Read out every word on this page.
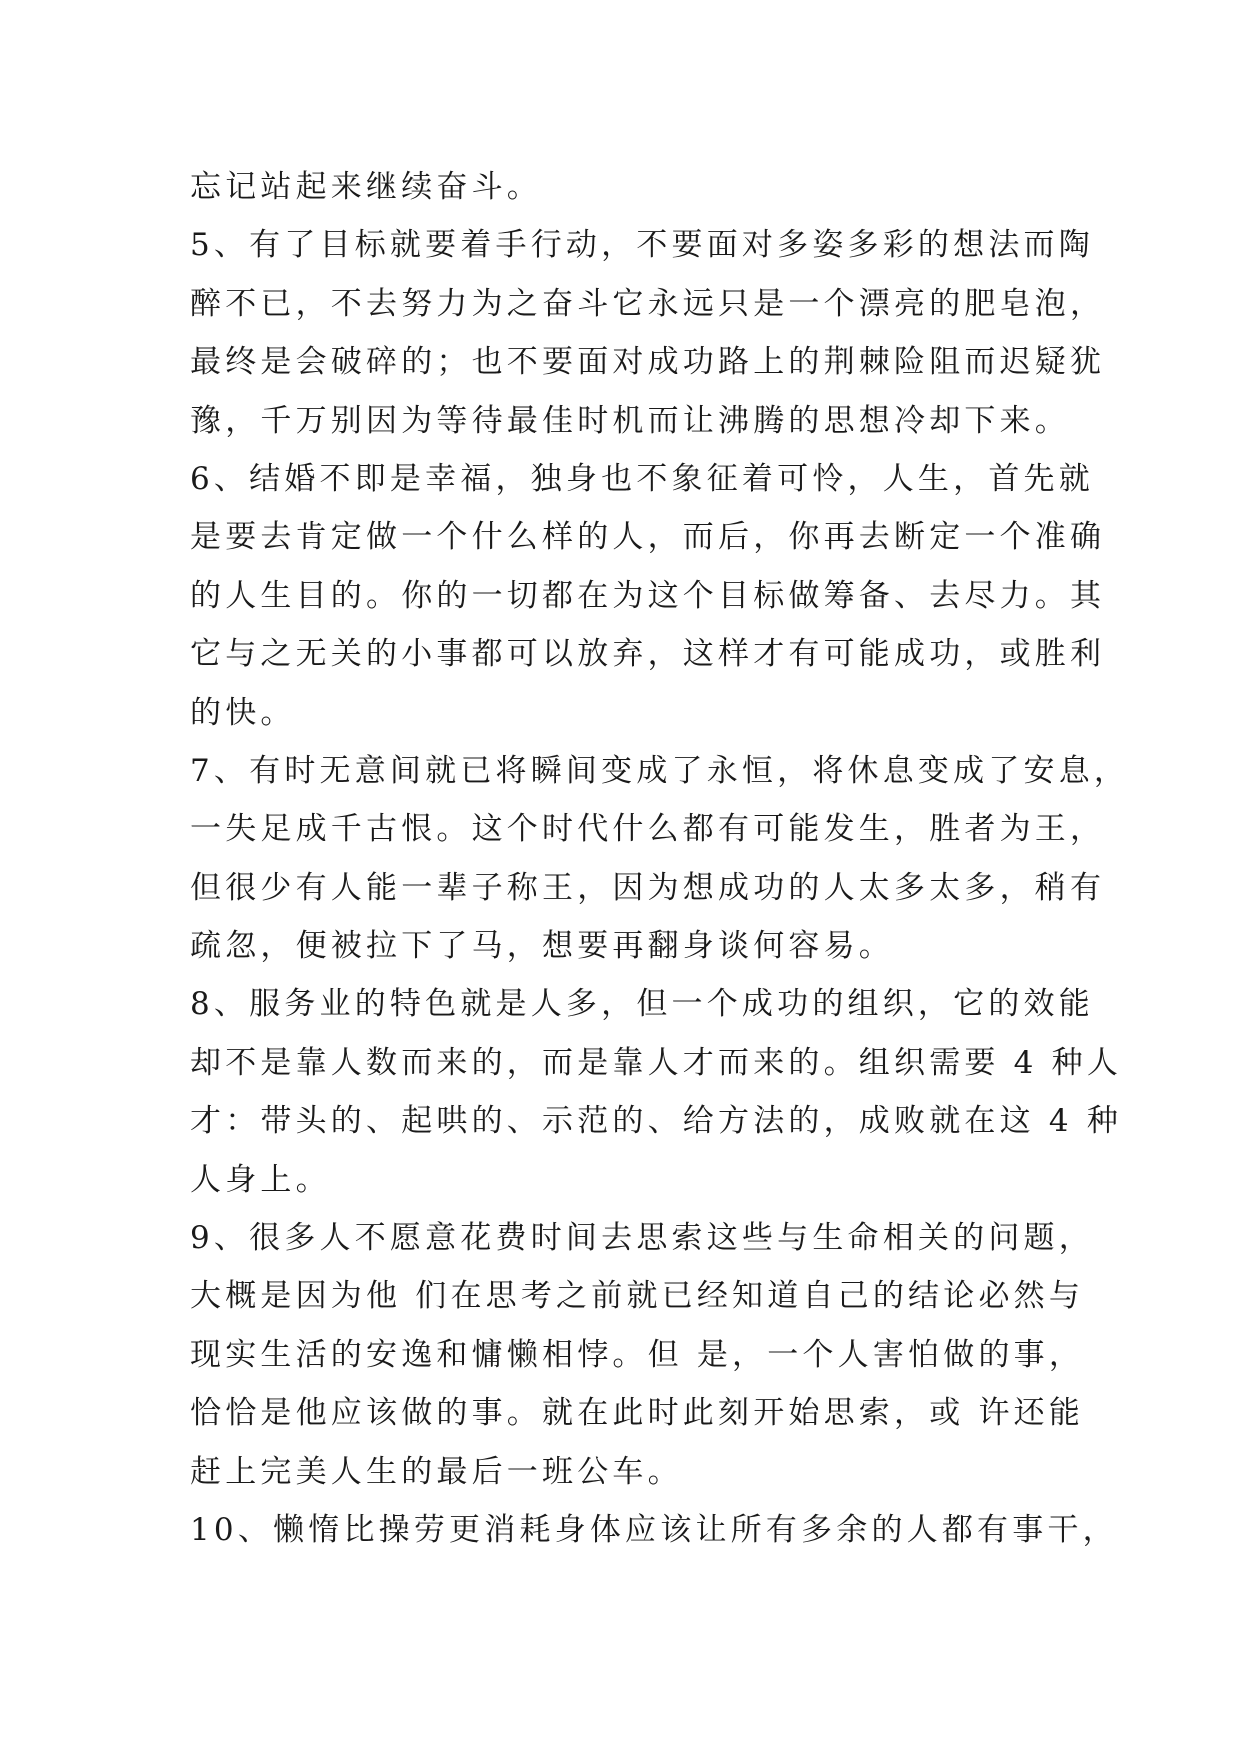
忘记站起来继续奋斗。
5、有了目标就要着手行动，不要面对多姿多彩的想法而陶
醉不已，不去努力为之奋斗它永远只是一个漂亮的肥皂泡，
最终是会破碎的；也不要面对成功路上的荆棘险阻而迟疑犹
豫，千万别因为等待最佳时机而让沸腾的思想冷却下来。
6、结婚不即是幸福，独身也不象征着可怜，人生，首先就
是要去肯定做一个什么样的人，而后，你再去断定一个准确
的人生目的。你的一切都在为这个目标做筹备、去尽力。其
它与之无关的小事都可以放弃，这样才有可能成功，或胜利
的快。
7、有时无意间就已将瞬间变成了永恒，将休息变成了安息，
一失足成千古恨。这个时代什么都有可能发生，胜者为王，
但很少有人能一辈子称王，因为想成功的人太多太多，稍有
疏忽，便被拉下了马，想要再翻身谈何容易。
8、服务业的特色就是人多，但一个成功的组织，它的效能
却不是靠人数而来的，而是靠人才而来的。组织需要 4 种人
才：带头的、起哄的、示范的、给方法的，成败就在这 4 种
人身上。
9、很多人不愿意花费时间去思索这些与生命相关的问题，
大概是因为他 们在思考之前就已经知道自己的结论必然与
现实生活的安逸和慵懒相悖。但 是，一个人害怕做的事，
恰恰是他应该做的事。就在此时此刻开始思索，或 许还能
赶上完美人生的最后一班公车。
10、懒惰比操劳更消耗身体应该让所有多余的人都有事干，
